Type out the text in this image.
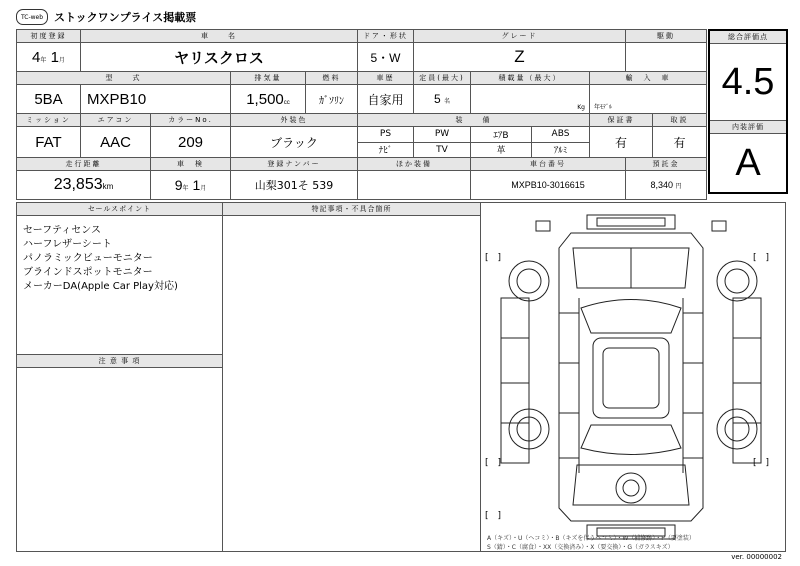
TC-web ストックワンプライス掲載票
初度登録	車　　名				ドア・形状	グレード				駆動	
4年 1月	ヤリスクロス				5・W	Z					
型　　式			排気量	燃料	車歴	定員(最大)	積載量（最大）		輸　入　車		
5BA	MXPB10		1,500cc	ｶﾞｿﾘﾝ	自家用	5 名	Kg		年ﾓﾃﾞﾙ		
ミッション	エアコン	カラーNo.	外装色		装　　備				保証書		取説
FAT	AAC	209	ブラック		PS	PW	ｴｱB	ABS	有		有
					ﾅﾋﾞ	TV	革	ｱﾙﾐ			
走行距離		車　検	登録ナンバー		ほか装備		車台番号			預託金	
23,853km		9年 1月	山梨301そ 539				MXPB10-3016615			8,340 円	
総合評価点
4.5
内装評価
A
セールスポイント	特記事項・不具合箇所
セーフティセンス
ハーフレザーシート
パノラミックビューモニター
ブラインドスポットモニター
メーカーDA(Apple Car Play対応)
注 意 事 項
[　]	[　]
[　]	[　]
[　]
A（キズ）・U（ヘコミ）・B（キズを伴うヘコミ）・W（補修跡）・P（要塗装）
S（錆）・C（腐食）・XX（交換済み）・X（要交換）・G（ガラスキズ）
ver. 00000002
